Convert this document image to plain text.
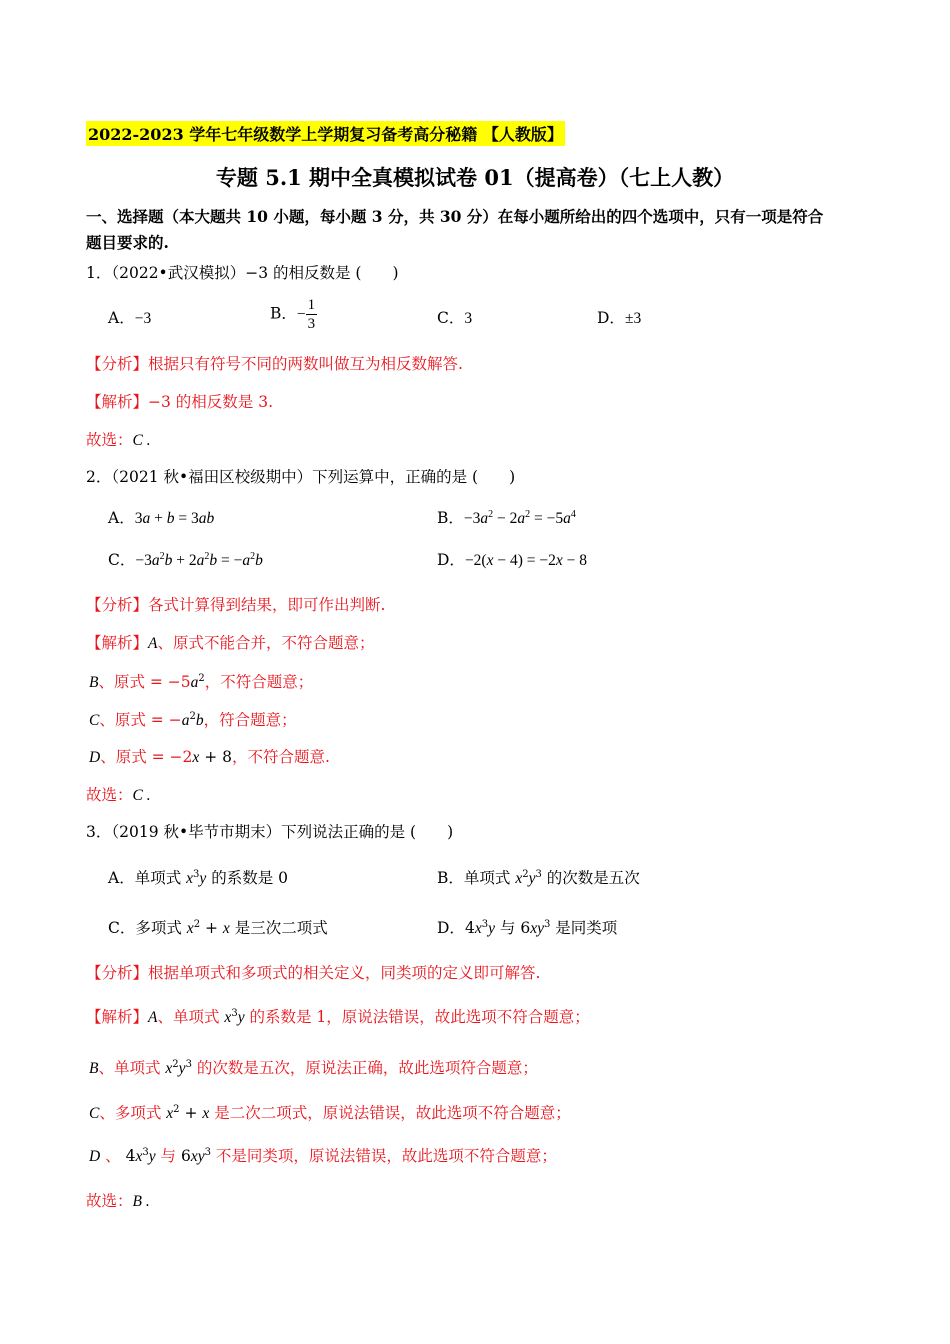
2022-2023 学年七年级数学上学期复习备考高分秘籍 【人教版】
专题 5.1 期中全真模拟试卷 01（提高卷）（七上人教）
一、选择题（本大题共 10 小题，每小题 3 分，共 30 分）在每小题所给出的四个选项中，只有一项是符合
题目要求的.
1．（2022•武汉模拟）−3 的相反数是 (　　)
A．−3	B．− $\frac{1}{3}$	C．3	D．±3
【分析】根据只有符号不同的两数叫做互为相反数解答.
【解析】−3 的相反数是 3.
故选：C .
2．（2021 秋•福田区校级期中）下列运算中，正确的是 (　　)
A．3a + b = 3ab	B．$-3a^2 - 2a^2 = -5a^4$
C．$-3a^2b + 2a^2b = -a^2b$	D．−2(x − 4) = −2x − 8
【分析】各式计算得到结果，即可作出判断.
【解析】A、原式不能合并，不符合题意；
B、原式 = $-5a^2$，不符合题意；
C、原式 = $-a^2b$，符合题意；
D、原式 = −2x + 8，不符合题意.
故选：C .
3．（2019 秋•毕节市期末）下列说法正确的是 (　　)
A．单项式 $x^3y$ 的系数是 0	B．单项式 $x^2y^3$ 的次数是五次
C．多项式 $x^2 + x$ 是三次二项式	D．$4x^3y$ 与 $6xy^3$ 是同类项
【分析】根据单项式和多项式的相关定义，同类项的定义即可解答.
【解析】A、单项式 $x^3y$ 的系数是 1，原说法错误，故此选项不符合题意；
B、单项式 $x^2y^3$ 的次数是五次，原说法正确，故此选项符合题意；
C、多项式 $x^2 + x$ 是二次二项式，原说法错误，故此选项不符合题意；
D 、 $4x^3y$ 与 $6xy^3$ 不是同类项，原说法错误，故此选项不符合题意；
故选：B .
